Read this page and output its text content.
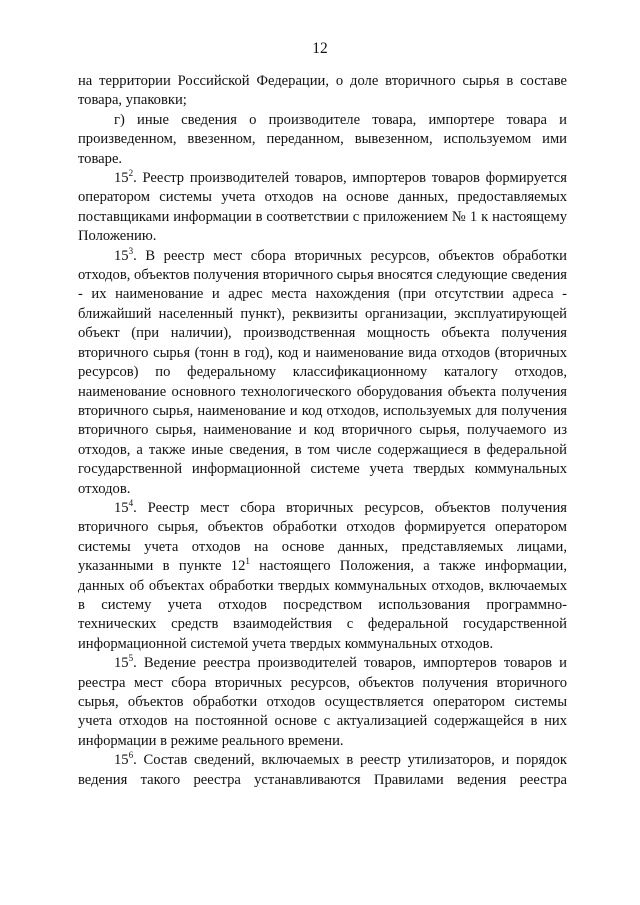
12

на территории Российской Федерации, о доле вторичного сырья в составе товара, упаковки;

г) иные сведения о производителе товара, импортере товара и произведенном, ввезенном, переданном, вывезенном, используемом ими товаре.

$15^2$. Реестр производителей товаров, импортеров товаров формируется оператором системы учета отходов на основе данных, предоставляемых поставщиками информации в соответствии с приложением № 1 к настоящему Положению.

$15^3$. В реестр мест сбора вторичных ресурсов, объектов обработки отходов, объектов получения вторичного сырья вносятся следующие сведения - их наименование и адрес места нахождения (при отсутствии адреса - ближайший населенный пункт), реквизиты организации, эксплуатирующей объект (при наличии), производственная мощность объекта получения вторичного сырья (тонн в год), код и наименование вида отходов (вторичных ресурсов) по федеральному классификационному каталогу отходов, наименование основного технологического оборудования объекта получения вторичного сырья, наименование и код отходов, используемых для получения вторичного сырья, наименование и код вторичного сырья, получаемого из отходов, а также иные сведения, в том числе содержащиеся в федеральной государственной информационной системе учета твердых коммунальных отходов.

$15^4$. Реестр мест сбора вторичных ресурсов, объектов получения вторичного сырья, объектов обработки отходов формируется оператором системы учета отходов на основе данных, представляемых лицами, указанными в пункте $12^1$ настоящего Положения, а также информации, данных об объектах обработки твердых коммунальных отходов, включаемых в систему учета отходов посредством использования программно-технических средств взаимодействия с федеральной государственной информационной системой учета твердых коммунальных отходов.

$15^5$. Ведение реестра производителей товаров, импортеров товаров и реестра мест сбора вторичных ресурсов, объектов получения вторичного сырья, объектов обработки отходов осуществляется оператором системы учета отходов на постоянной основе с актуализацией содержащейся в них информации в режиме реального времени.

$15^6$. Состав сведений, включаемых в реестр утилизаторов, и порядок ведения такого реестра устанавливаются Правилами ведения реестра
